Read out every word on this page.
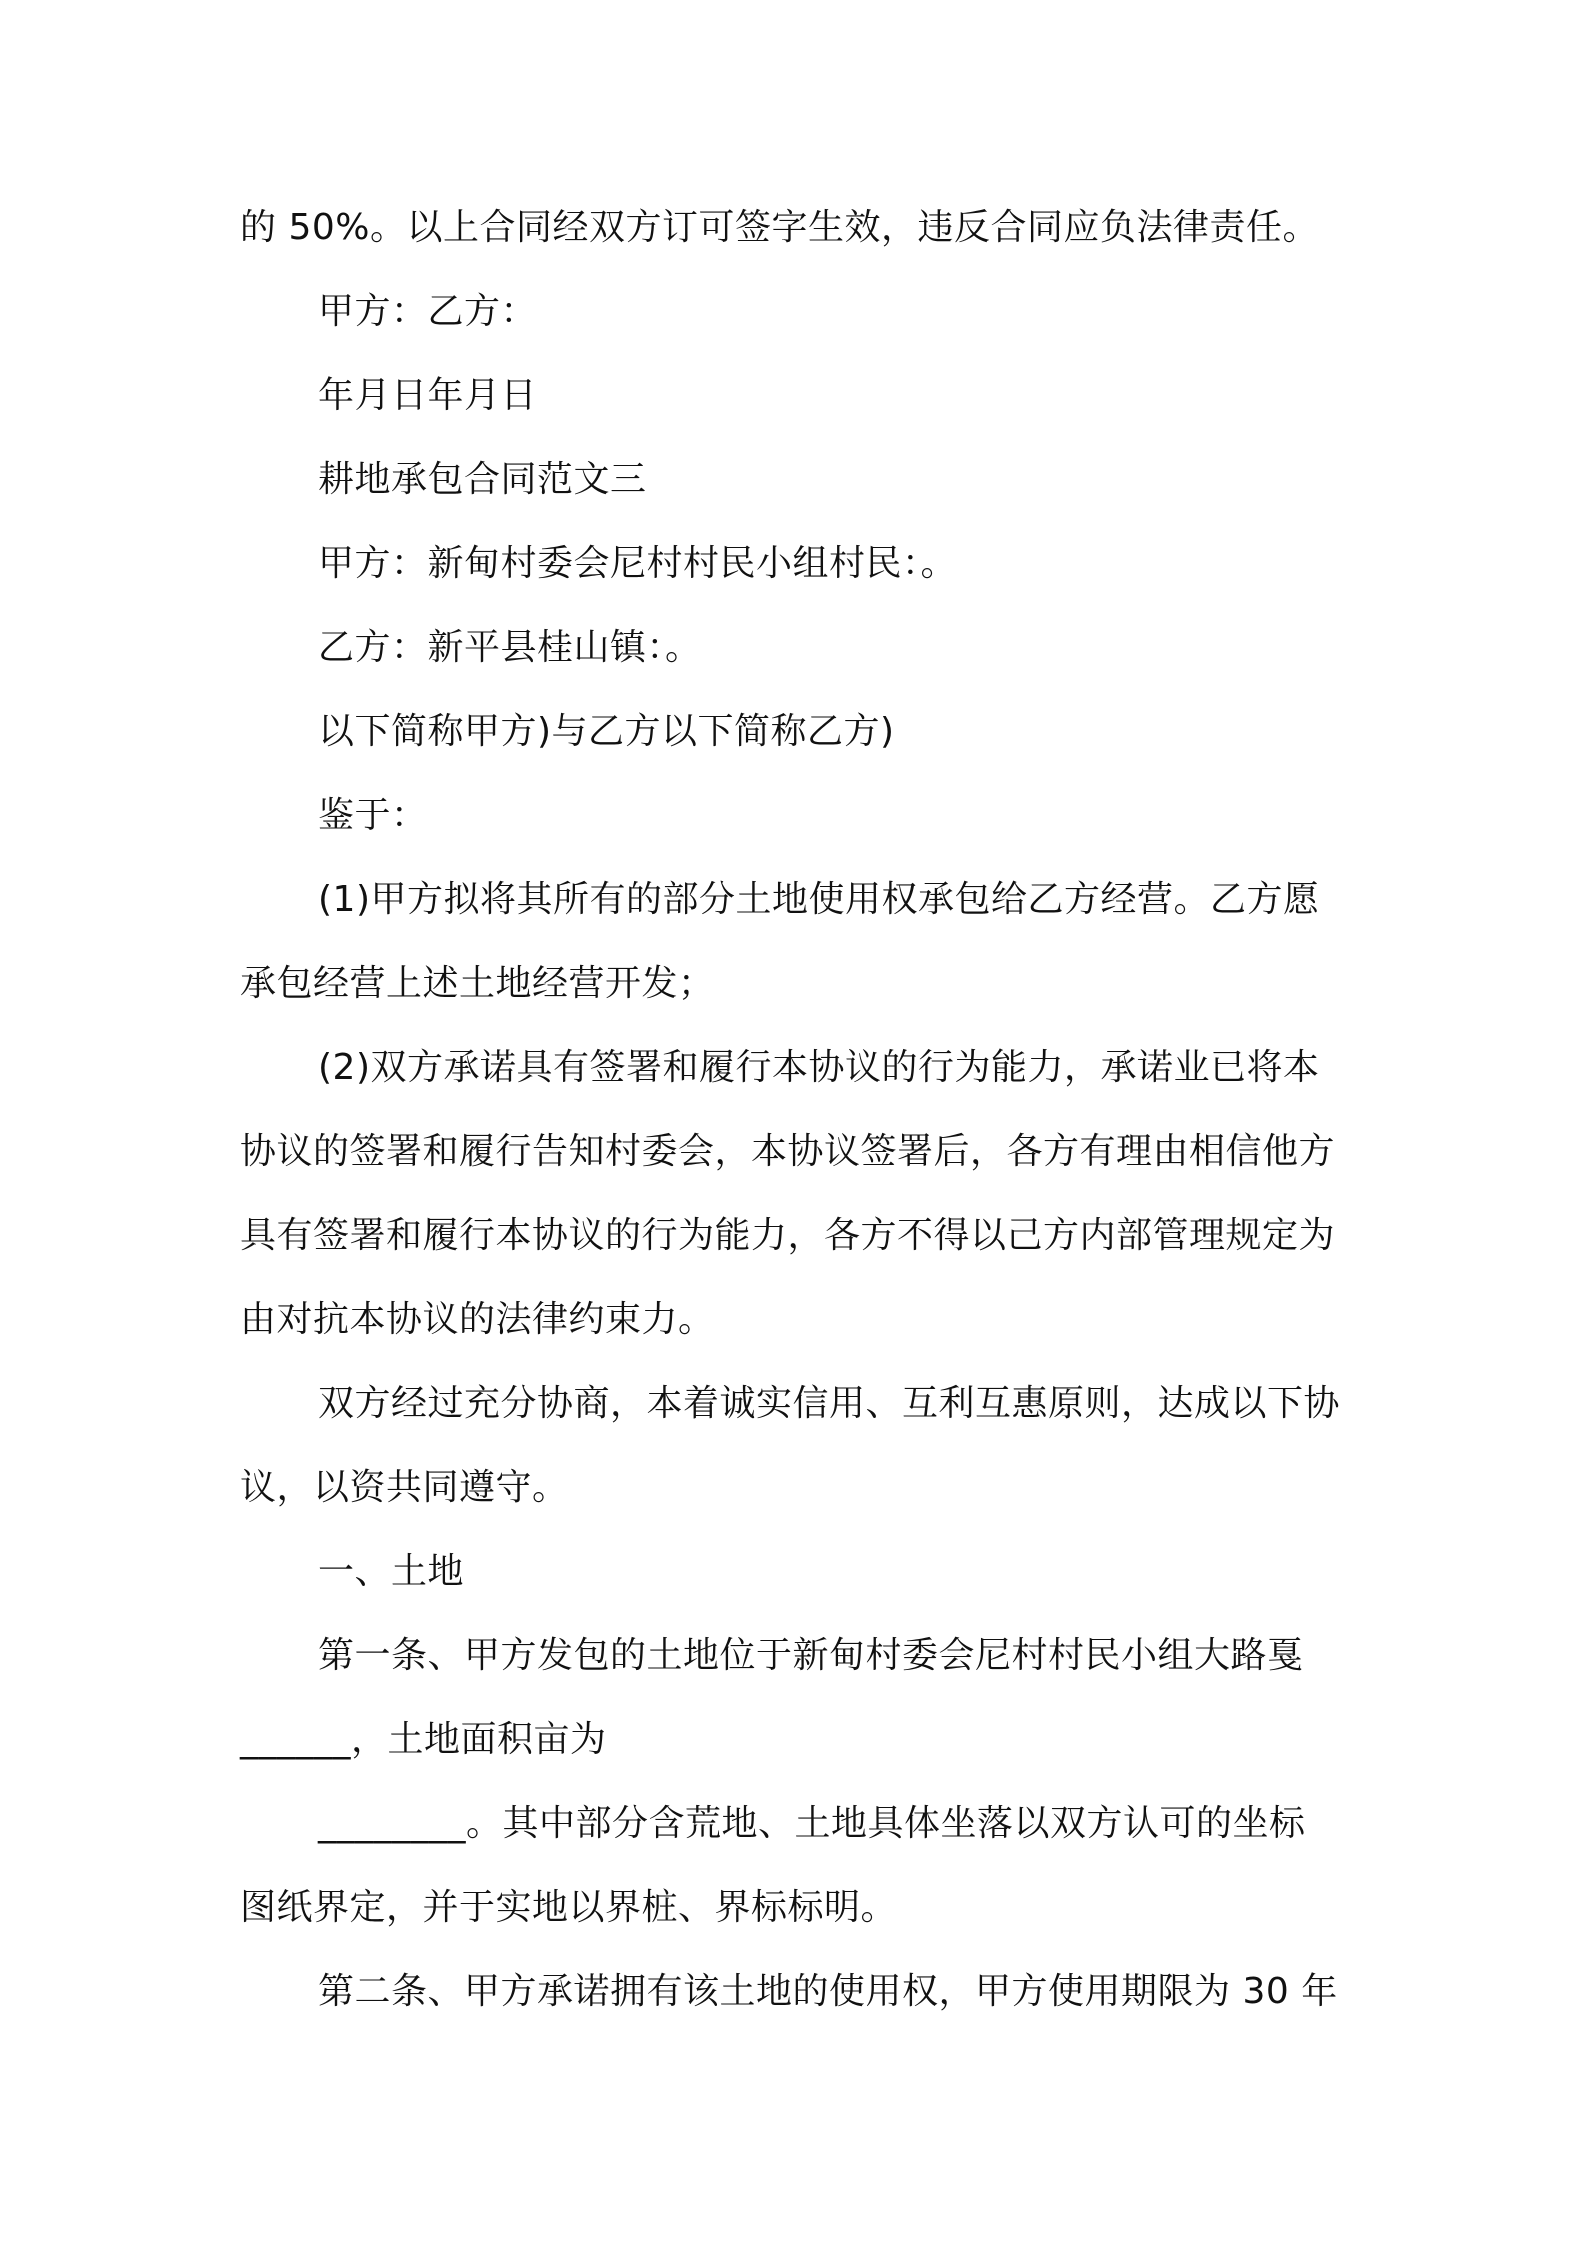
的 50%。以上合同经双方订可签字生效，违反合同应负法律责任。
甲方：乙方：
年月日年月日
耕地承包合同范文三
甲方：新甸村委会尼村村民小组村民：。
乙方：新平县桂山镇：。
以下简称甲方)与乙方以下简称乙方)
鉴于：
(1)甲方拟将其所有的部分土地使用权承包给乙方经营。乙方愿
承包经营上述土地经营开发；
(2)双方承诺具有签署和履行本协议的行为能力，承诺业已将本
协议的签署和履行告知村委会，本协议签署后，各方有理由相信他方
具有签署和履行本协议的行为能力，各方不得以己方内部管理规定为
由对抗本协议的法律约束力。
双方经过充分协商，本着诚实信用、互利互惠原则，达成以下协
议，以资共同遵守。
一、土地
第一条、甲方发包的土地位于新甸村委会尼村村民小组大路戛
______，土地面积亩为
________。其中部分含荒地、土地具体坐落以双方认可的坐标
图纸界定，并于实地以界桩、界标标明。
第二条、甲方承诺拥有该土地的使用权，甲方使用期限为 30 年
